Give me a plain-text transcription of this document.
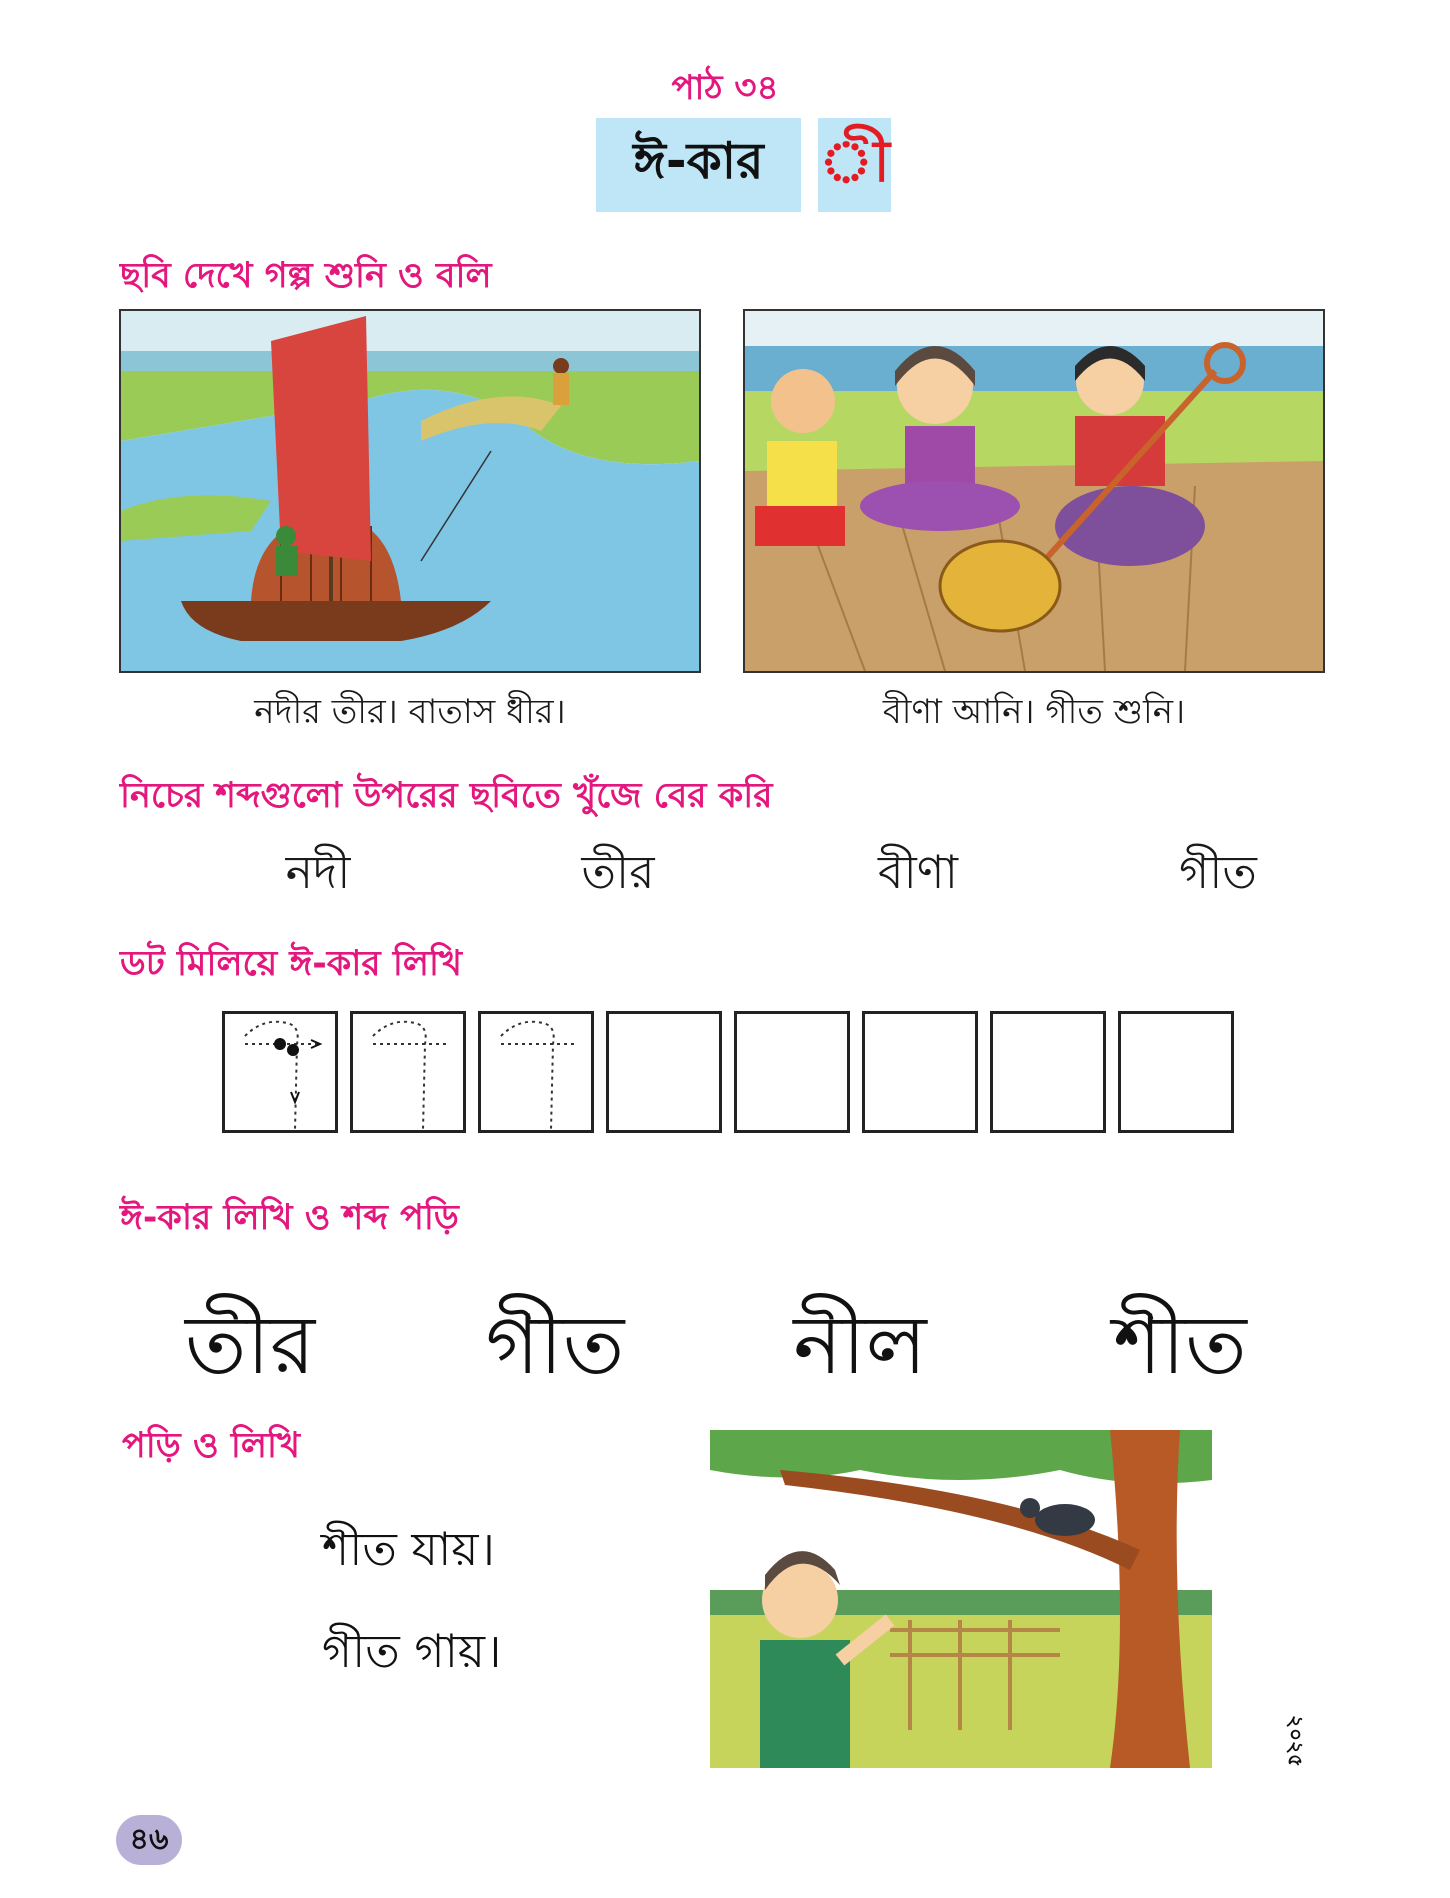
পাঠ ৩৪
ঈ-কার ী
ছবি দেখে গল্প শুনি ও বলি
নদর তর। বাতাস ধর।	বণা আনি। গত শুনি।
নিচের শব্দগুলো উপরের ছবিতে খুঁজে বের করি
নদ	তর	বণা	গত
ডট মিলিয়ে ঈ-কার লিখি
ঈ-কার লিখি ও শব্দ পড়ি
তর	গত	নল	শত
পড়ি ও লিখি
শীত যায়।
গীত গায়।
৪৬
২০২৫
